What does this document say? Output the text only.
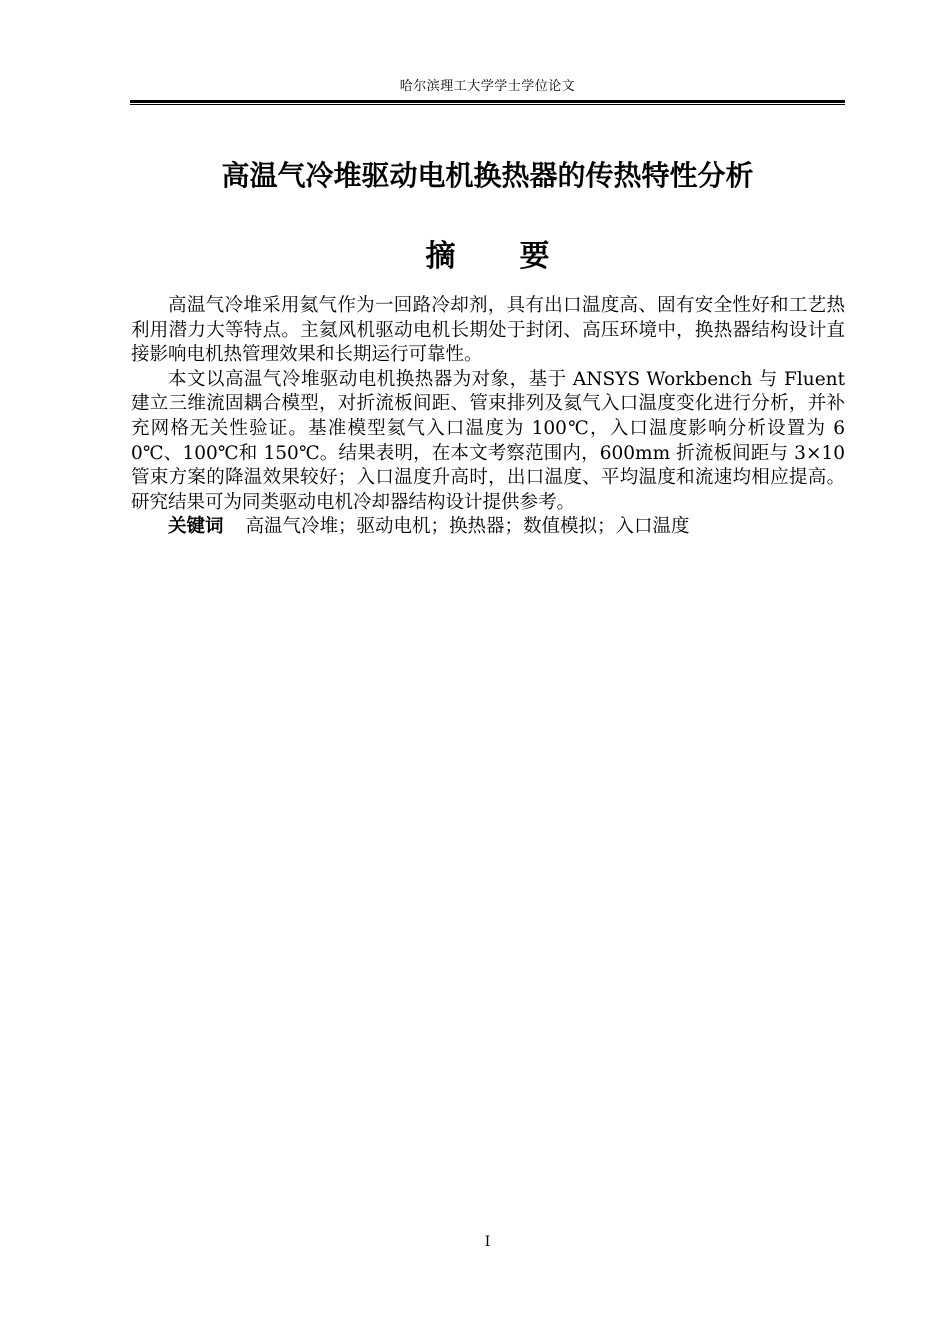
哈尔滨理工大学学士学位论文
高温气冷堆驱动电机换热器的传热特性分析
摘要

高温气冷堆采用氦气作为一回路冷却剂，具有出口温度高、固有安全性好和工艺热利用潜力大等特点。主氦风机驱动电机长期处于封闭、高压环境中，换热器结构设计直接影响电机热管理效果和长期运行可靠性。

本文以高温气冷堆驱动电机换热器为对象，基于 ANSYS Workbench 与 Fluent 建立三维流固耦合模型，对折流板间距、管束排列及氦气入口温度变化进行分析，并补充网格无关性验证。基准模型氦气入口温度为 100℃，入口温度影响分析设置为 60℃、100℃和 150℃。结果表明，在本文考察范围内，600mm 折流板间距与 3×10 管束方案的降温效果较好；入口温度升高时，出口温度、平均温度和流速均相应提高。研究结果可为同类驱动电机冷却器结构设计提供参考。

关键词 高温气冷堆；驱动电机；换热器；数值模拟；入口温度

I
